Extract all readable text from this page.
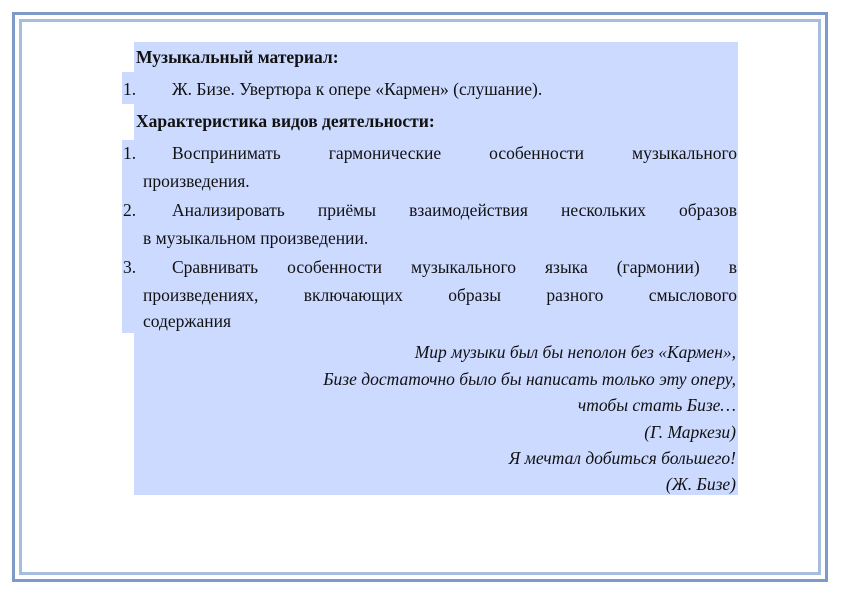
Музыкальный материал:
1. Ж. Бизе. Увертюра к опере «Кармен» (слушание).
Характеристика видов деятельности:
1. Воспринимать гармонические особенности музыкального
произведения.
2. Анализировать приёмы взаимодействия нескольких образов
в музыкальном произведении.
3. Сравнивать особенности музыкального языка (гармонии) в
произведениях, включающих образы разного смыслового
содержания
Мир музыки был бы неполон без «Кармен»,
Бизе достаточно было бы написать только эту оперу,
чтобы стать Бизе…
(Г. Маркези)
Я мечтал добиться большего!
(Ж. Бизе)
